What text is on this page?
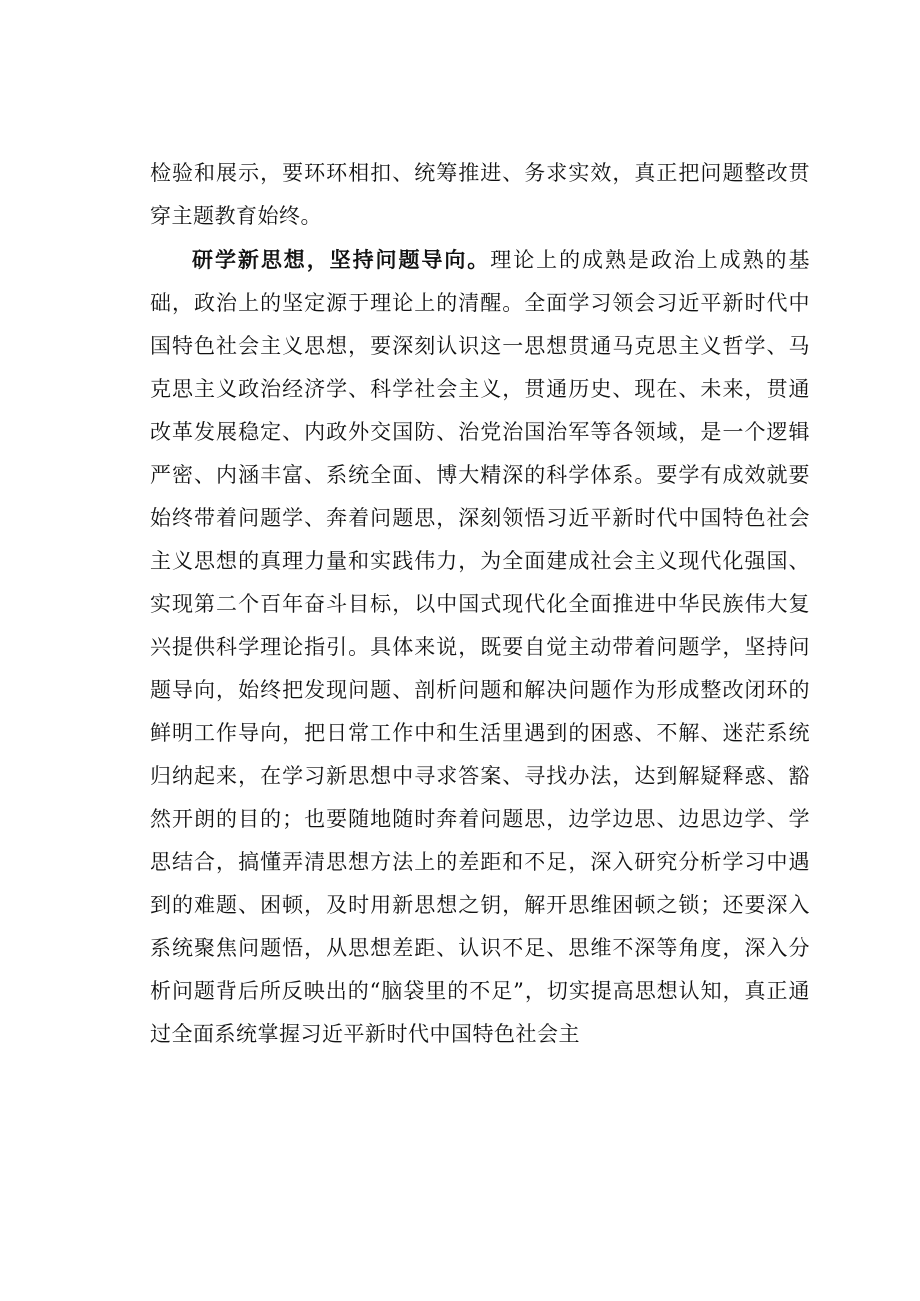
检验和展示，要环环相扣、统筹推进、务求实效，真正把问题整改贯穿主题教育始终。

研学新思想，坚持问题导向。理论上的成熟是政治上成熟的基础，政治上的坚定源于理论上的清醒。全面学习领会习近平新时代中国特色社会主义思想，要深刻认识这一思想贯通马克思主义哲学、马克思主义政治经济学、科学社会主义，贯通历史、现在、未来，贯通改革发展稳定、内政外交国防、治党治国治军等各领域，是一个逻辑严密、内涵丰富、系统全面、博大精深的科学体系。要学有成效就要始终带着问题学、奔着问题思，深刻领悟习近平新时代中国特色社会主义思想的真理力量和实践伟力，为全面建成社会主义现代化强国、实现第二个百年奋斗目标，以中国式现代化全面推进中华民族伟大复兴提供科学理论指引。具体来说，既要自觉主动带着问题学，坚持问题导向，始终把发现问题、剖析问题和解决问题作为形成整改闭环的鲜明工作导向，把日常工作中和生活里遇到的困惑、不解、迷茫系统归纳起来，在学习新思想中寻求答案、寻找办法，达到解疑释惑、豁然开朗的目的；也要随地随时奔着问题思，边学边思、边思边学、学思结合，搞懂弄清思想方法上的差距和不足，深入研究分析学习中遇到的难题、困顿，及时用新思想之钥，解开思维困顿之锁；还要深入系统聚焦问题悟，从思想差距、认识不足、思维不深等角度，深入分析问题背后所反映出的“脑袋里的不足”，切实提高思想认知，真正通过全面系统掌握习近平新时代中国特色社会主
